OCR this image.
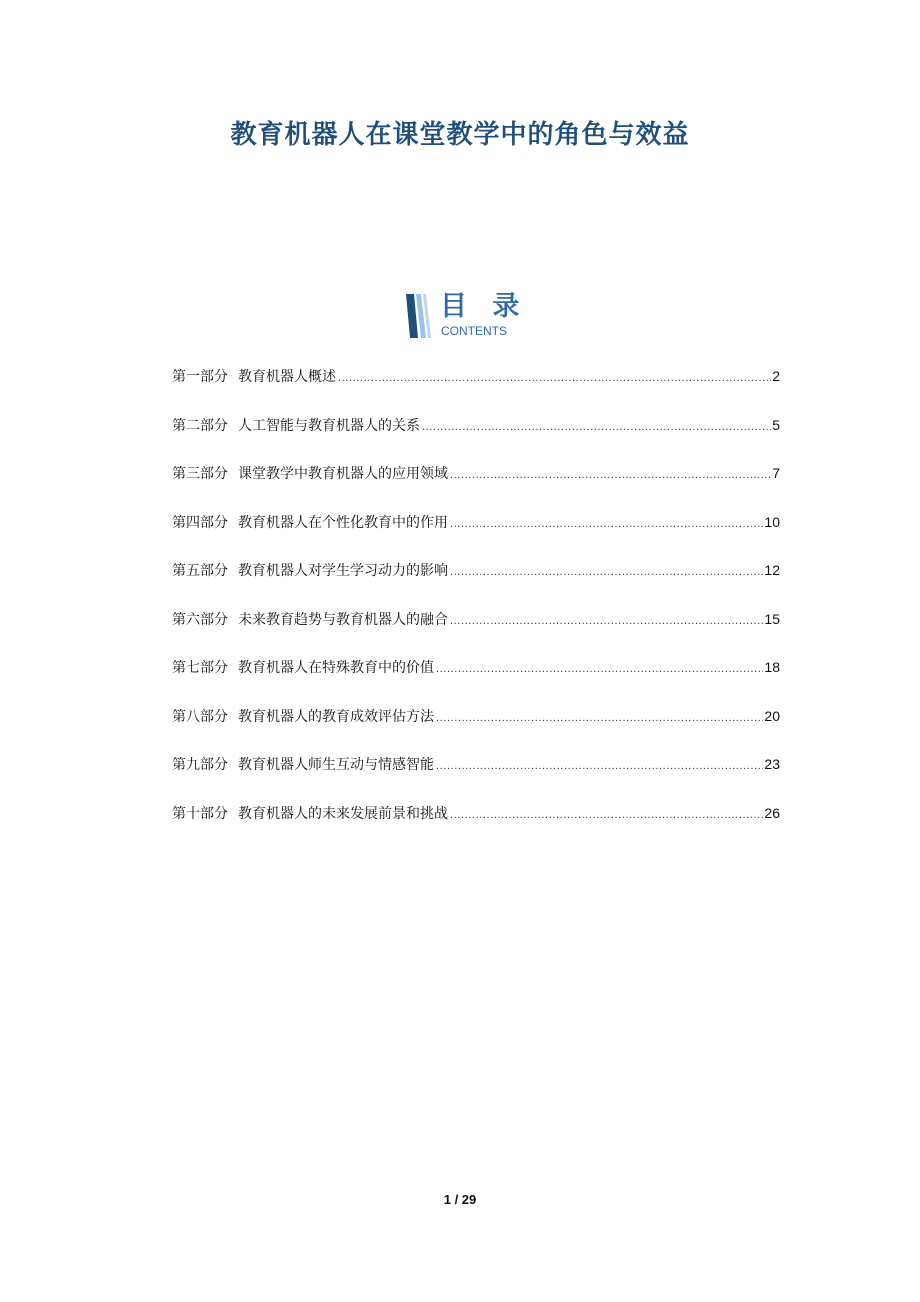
教育机器人在课堂教学中的角色与效益
目 录
CONTENTS
第一部分 教育机器人概述 .....	2
第二部分 人工智能与教育机器人的关系 .....	5
第三部分 课堂教学中教育机器人的应用领域 .....	7
第四部分 教育机器人在个性化教育中的作用 .....	10
第五部分 教育机器人对学生学习动力的影响 .....	12
第六部分 未来教育趋势与教育机器人的融合 .....	15
第七部分 教育机器人在特殊教育中的价值 .....	18
第八部分 教育机器人的教育成效评估方法 .....	20
第九部分 教育机器人师生互动与情感智能 .....	23
第十部分 教育机器人的未来发展前景和挑战 .....	26
1 / 29
